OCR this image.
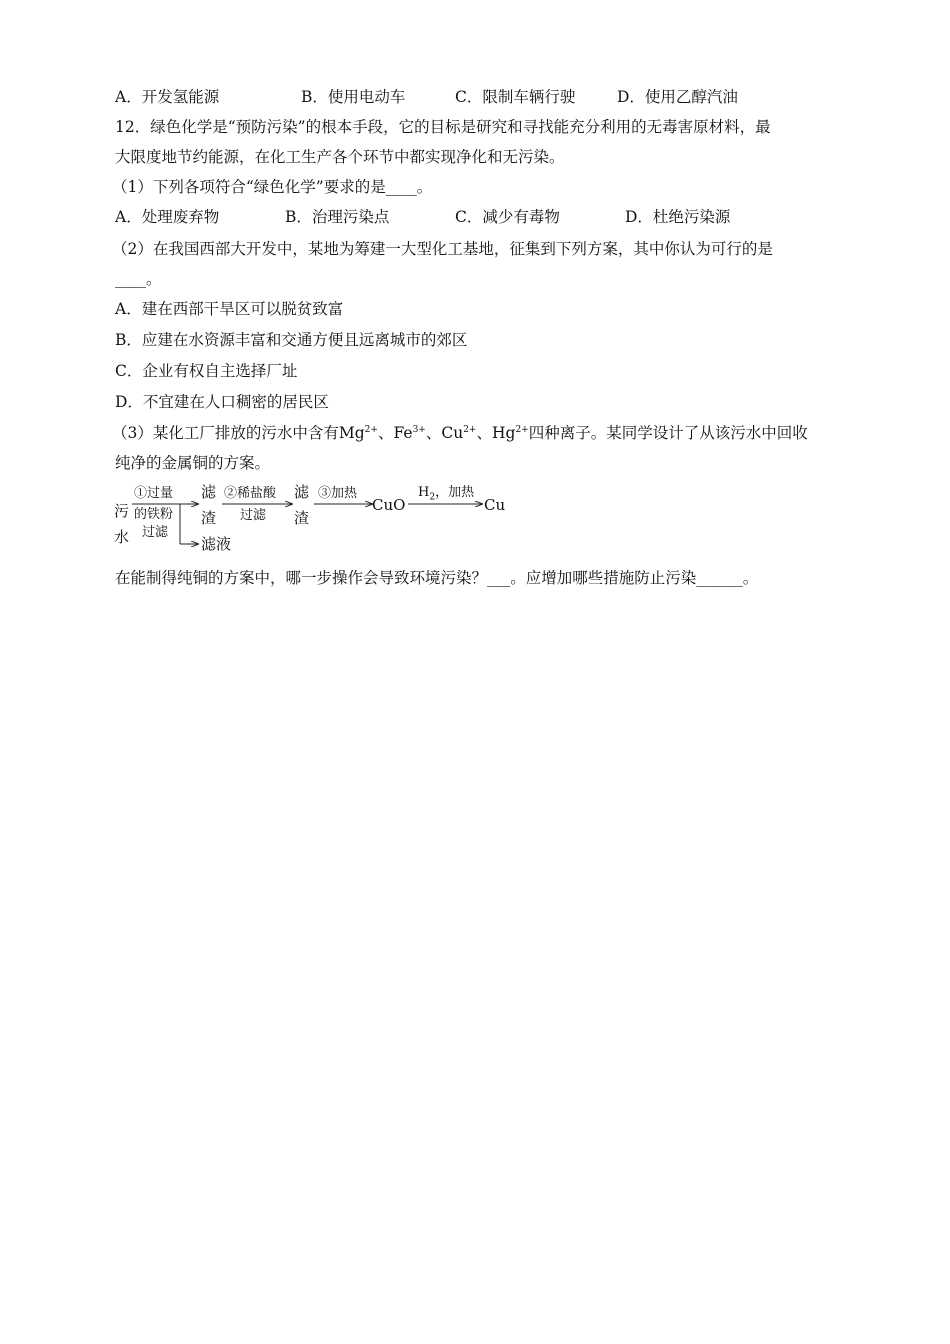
A．开发氢能源	B．使用电动车	C．限制车辆行驶	D．使用乙醇汽油
12．绿色化学是“预防污染”的根本手段，它的目标是研究和寻找能充分利用的无毒害原材料，最
大限度地节约能源，在化工生产各个环节中都实现净化和无污染。
（1）下列各项符合“绿色化学”要求的是____。
A．处理废弃物	B．治理污染点	C．减少有毒物	D．杜绝污染源
（2）在我国西部大开发中，某地为筹建一大型化工基地，征集到下列方案，其中你认为可行的是
____。
A．建在西部干旱区可以脱贫致富
B．应建在水资源丰富和交通方便且远离城市的郊区
C．企业有权自主选择厂址
D．不宜建在人口稠密的居民区
（3）某化工厂排放的污水中含有$Mg^{2+}$、$Fe^{3+}$、$Cu^{2+}$、$Hg^{2+}$四种离子。某同学设计了从该污水中回收
纯净的金属铜的方案。
污
水
①过量
的铁粉
过滤
滤
渣
滤液
②稀盐酸
过滤
滤
渣
③加热
CuO
$H_2$，加热
Cu
在能制得纯铜的方案中，哪一步操作会导致环境污染？___。应增加哪些措施防止污染______。
